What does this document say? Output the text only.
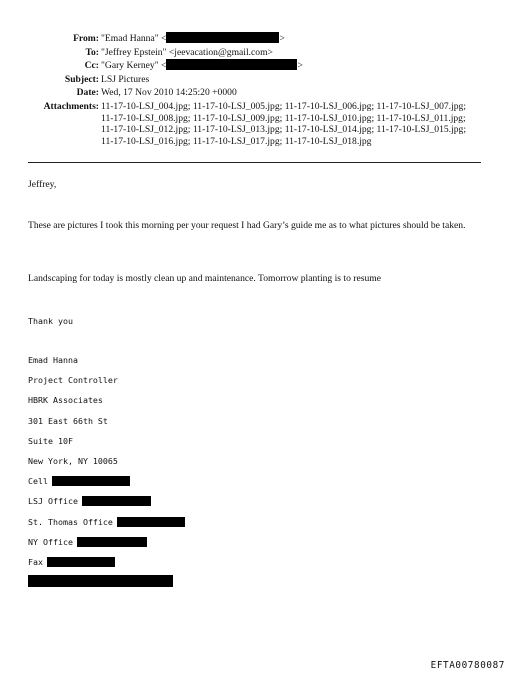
From: "Emad Hanna" <	>
To: "Jeffrey Epstein" <jeevacation@gmail.com>
Cc: "Gary Kerney" <	>
Subject: LSJ Pictures
Date: Wed, 17 Nov 2010 14:25:20 +0000
Attachments: 11-17-10-LSJ_004.jpg; 11-17-10-LSJ_005.jpg; 11-17-10-LSJ_006.jpg; 11-17-10-LSJ_007.jpg; 11-17-10-LSJ_008.jpg; 11-17-10-LSJ_009.jpg; 11-17-10-LSJ_010.jpg; 11-17-10-LSJ_011.jpg; 11-17-10-LSJ_012.jpg; 11-17-10-LSJ_013.jpg; 11-17-10-LSJ_014.jpg; 11-17-10-LSJ_015.jpg; 11-17-10-LSJ_016.jpg; 11-17-10-LSJ_017.jpg; 11-17-10-LSJ_018.jpg
Jeffrey,
These are pictures I took this morning per your request I had Gary’s guide me as to what pictures should be taken.
Landscaping for today is mostly clean up and maintenance. Tomorrow planting is to resume
Thank you
Emad Hanna
Project Controller
HBRK Associates
301 East 66th St
Suite 10F
New York, NY 10065
Cell
LSJ Office
St. Thomas Office
NY Office
Fax
EFTA00780087
